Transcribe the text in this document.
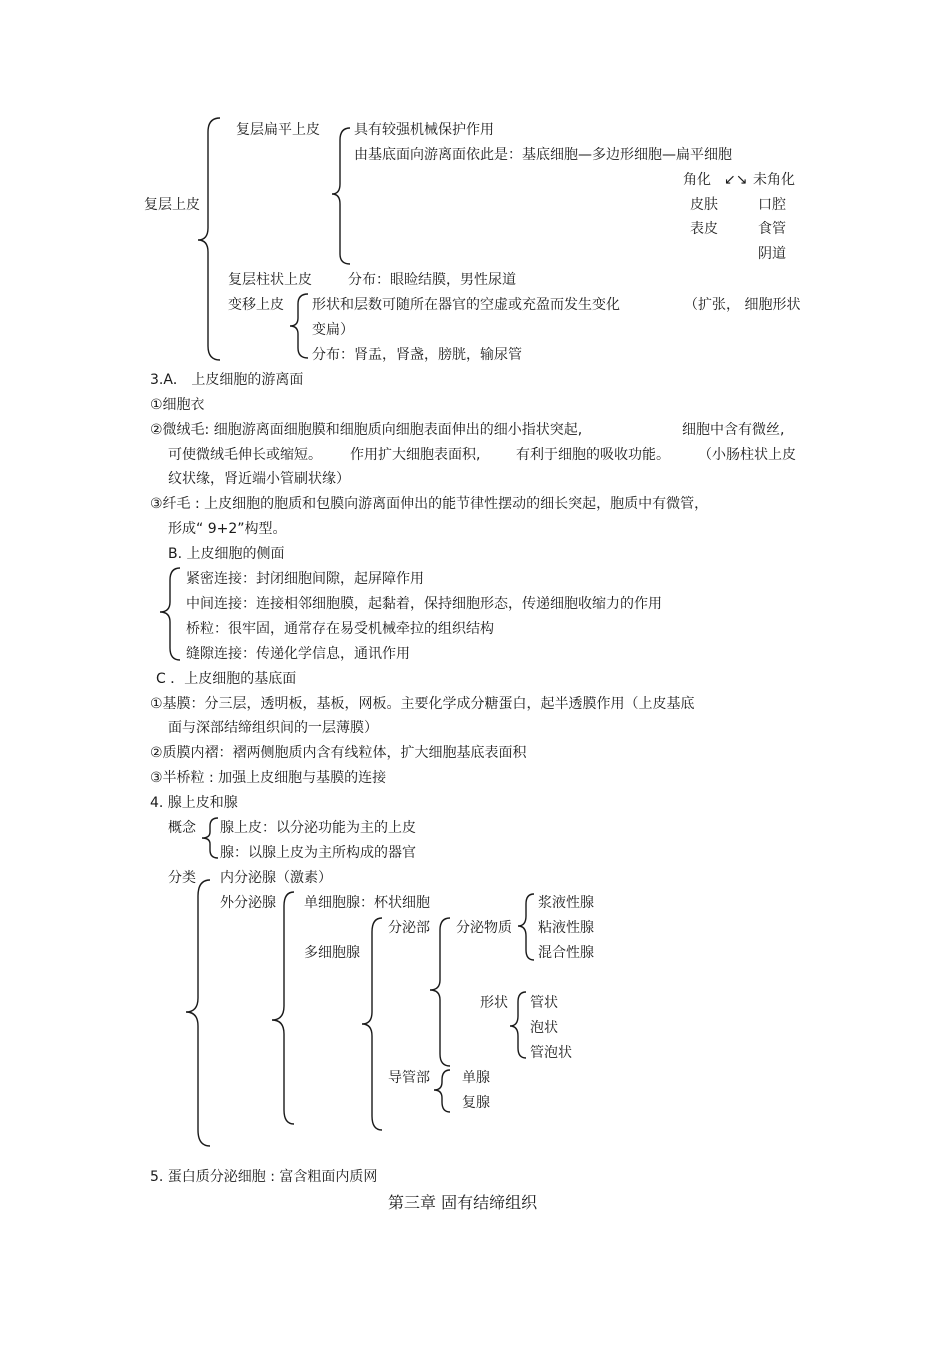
复层上皮
复层扁平上皮 具有较强机械保护作用
由基底面向游离面依此是：基底细胞—多边形细胞—扁平细胞
角化 ↙↘ 未角化
皮肤
表皮
口腔
食管
阴道
复层柱状上皮	分布：眼睑结膜，男性尿道
变移上皮 形状和层数可随所在器官的空虚或充盈而发生变化	（扩张， 细胞形状
变扁）
分布：肾盂，肾盏，膀胱，输尿管
3.A． 上皮细胞的游离面
①细胞衣
②微绒毛: 细胞游离面细胞膜和细胞质向细胞表面伸出的细小指状突起,	细胞中含有微丝,
可使微绒毛伸长或缩短。 作用扩大细胞表面积,	有利于细胞的吸收功能。 （小肠柱状上皮
纹状缘，肾近端小管刷状缘）
③纤毛 : 上皮细胞的胞质和包膜向游离面伸出的能节律性摆动的细长突起，胞质中有微管，
形成“ 9+2”构型。
B. 上皮细胞的侧面
紧密连接：封闭细胞间隙，起屏障作用
中间连接：连接相邻细胞膜，起黏着，保持细胞形态，传递细胞收缩力的作用
桥粒：很牢固，通常存在易受机械牵拉的组织结构
缝隙连接：传递化学信息，通讯作用
C ．上皮细胞的基底面
①基膜：分三层，透明板，基板，网板。主要化学成分糖蛋白，起半透膜作用（上皮基底
面与深部结缔组织间的一层薄膜）
②质膜内褶：褶两侧胞质内含有线粒体，扩大细胞基底表面积
③半桥粒 : 加强上皮细胞与基膜的连接
4. 腺上皮和腺
概念 腺上皮：以分泌功能为主的上皮
腺：以腺上皮为主所构成的器官
分类 内分泌腺（激素）
外分泌腺 单细胞腺：杯状细胞
多细胞腺
分泌部 分泌物质
浆液性腺
粘液性腺
混合性腺
形状 管状
泡状
管泡状
导管部 单腺
复腺
5. 蛋白质分泌细胞 : 富含粗面内质网
第三章 固有结缔组织
